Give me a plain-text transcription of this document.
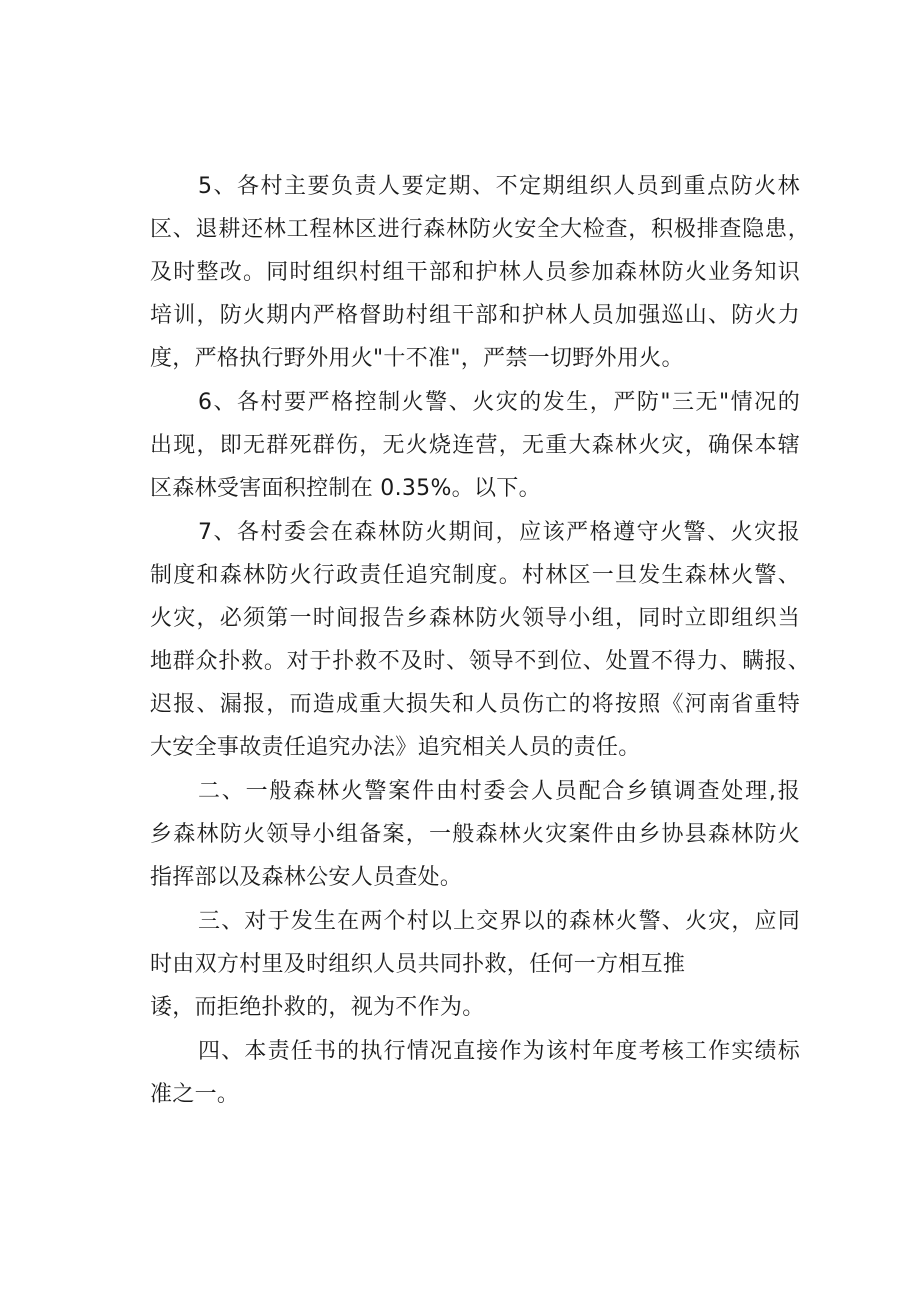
5、各村主要负责人要定期、不定期组织人员到重点防火林

区、退耕还林工程林区进行森林防火安全大检查，积极排查隐患，

及时整改。同时组织村组干部和护林人员参加森林防火业务知识

培训，防火期内严格督助村组干部和护林人员加强巡山、防火力

度，严格执行野外用火"十不准"，严禁一切野外用火。

6、各村要严格控制火警、火灾的发生，严防"三无"情况的

出现，即无群死群伤，无火烧连营，无重大森林火灾，确保本辖

区森林受害面积控制在 0.35%。以下。

7、各村委会在森林防火期间，应该严格遵守火警、火灾报

制度和森林防火行政责任追究制度。村林区一旦发生森林火警、

火灾，必须第一时间报告乡森林防火领导小组，同时立即组织当

地群众扑救。对于扑救不及时、领导不到位、处置不得力、瞒报、

迟报、漏报，而造成重大损失和人员伤亡的将按照《河南省重特

大安全事故责任追究办法》追究相关人员的责任。

二、一般森林火警案件由村委会人员配合乡镇调查处理,报

乡森林防火领导小组备案，一般森林火灾案件由乡协县森林防火

指挥部以及森林公安人员查处。

三、对于发生在两个村以上交界以的森林火警、火灾，应同

时由双方村里及时组织人员共同扑救，任何一方相互推

诿，而拒绝扑救的，视为不作为。

四、本责任书的执行情况直接作为该村年度考核工作实绩标

准之一。
